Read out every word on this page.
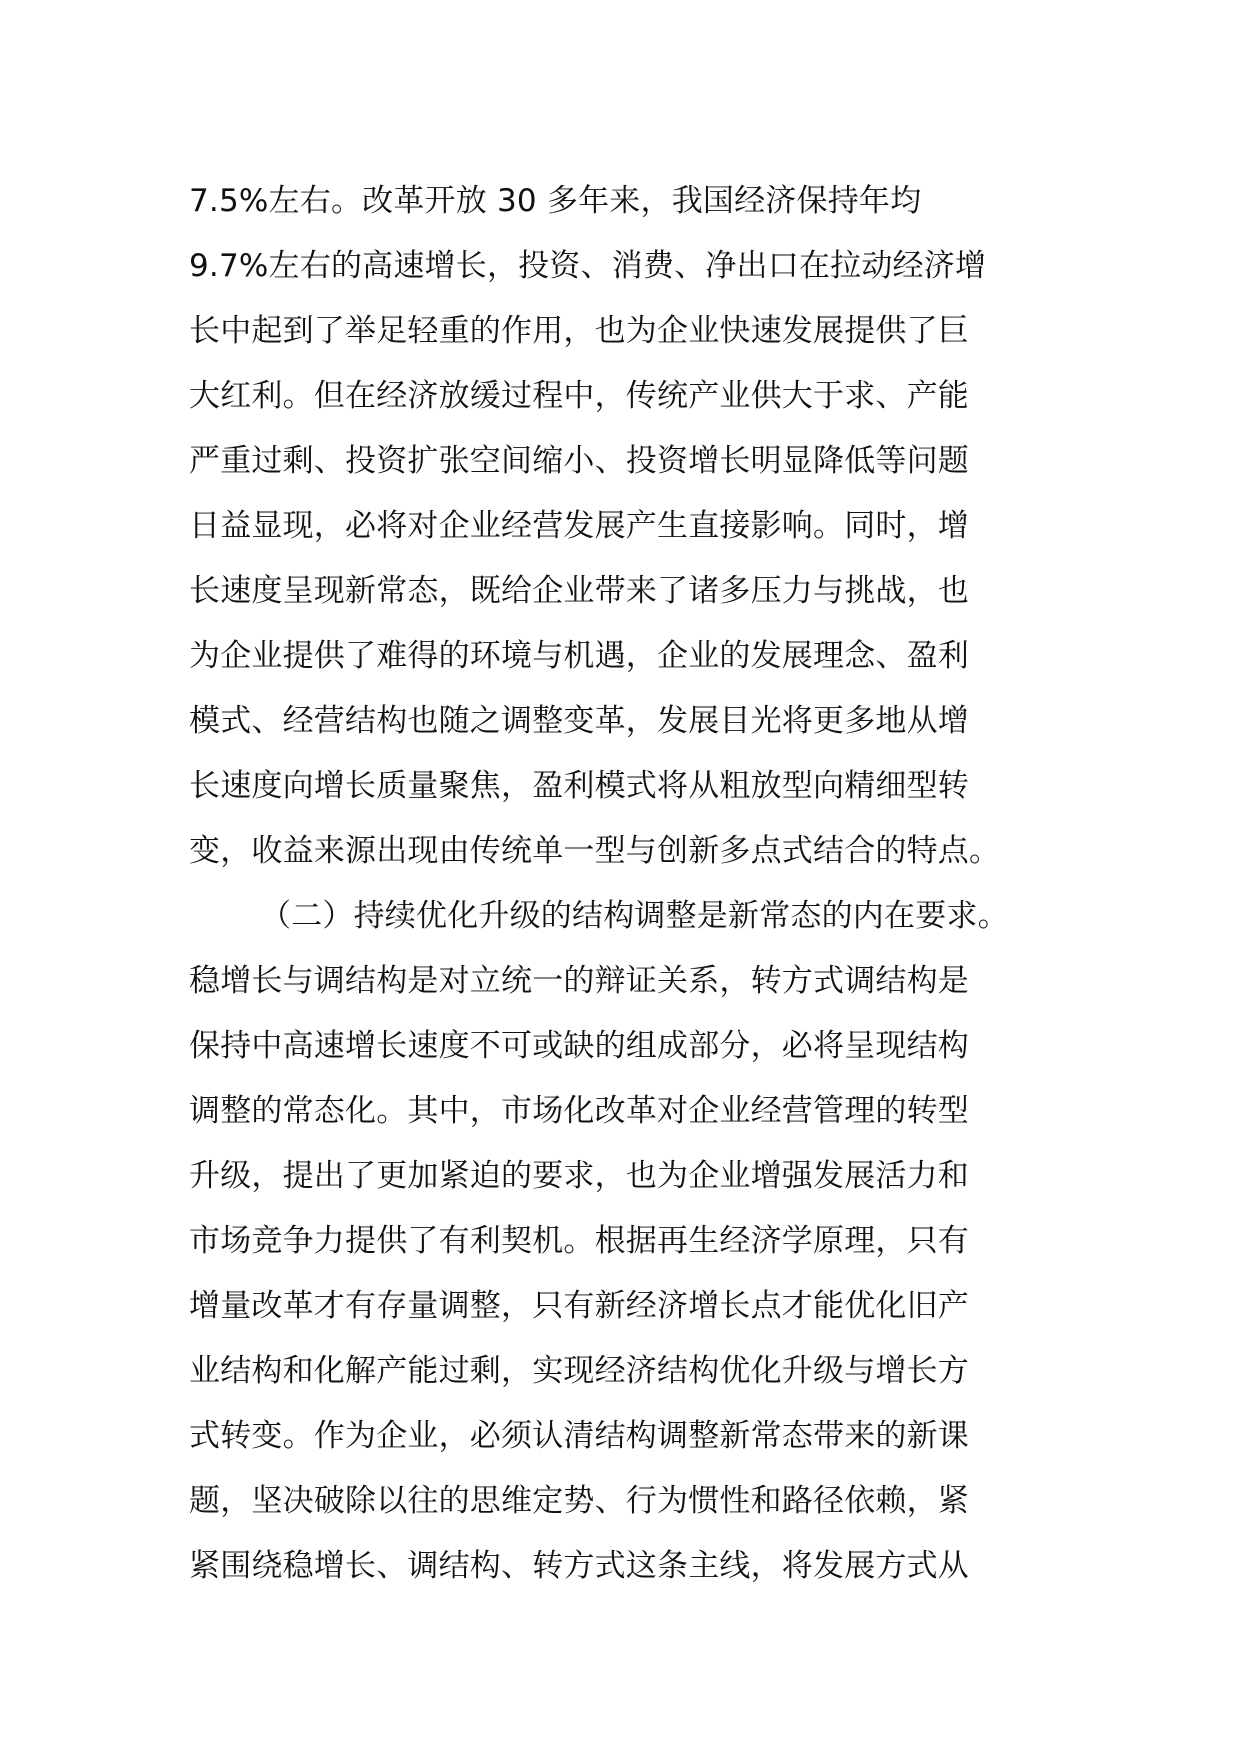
7.5%左右。改革开放 30 多年来，我国经济保持年均
9.7%左右的高速增长，投资、消费、净出口在拉动经济增
长中起到了举足轻重的作用，也为企业快速发展提供了巨
大红利。但在经济放缓过程中，传统产业供大于求、产能
严重过剩、投资扩张空间缩小、投资增长明显降低等问题
日益显现，必将对企业经营发展产生直接影响。同时，增
长速度呈现新常态，既给企业带来了诸多压力与挑战，也
为企业提供了难得的环境与机遇，企业的发展理念、盈利
模式、经营结构也随之调整变革，发展目光将更多地从增
长速度向增长质量聚焦，盈利模式将从粗放型向精细型转
变，收益来源出现由传统单一型与创新多点式结合的特点。
（二）持续优化升级的结构调整是新常态的内在要求。
稳增长与调结构是对立统一的辩证关系，转方式调结构是
保持中高速增长速度不可或缺的组成部分，必将呈现结构
调整的常态化。其中，市场化改革对企业经营管理的转型
升级，提出了更加紧迫的要求，也为企业增强发展活力和
市场竞争力提供了有利契机。根据再生经济学原理，只有
增量改革才有存量调整，只有新经济增长点才能优化旧产
业结构和化解产能过剩，实现经济结构优化升级与增长方
式转变。作为企业，必须认清结构调整新常态带来的新课
题，坚决破除以往的思维定势、行为惯性和路径依赖，紧
紧围绕稳增长、调结构、转方式这条主线，将发展方式从
